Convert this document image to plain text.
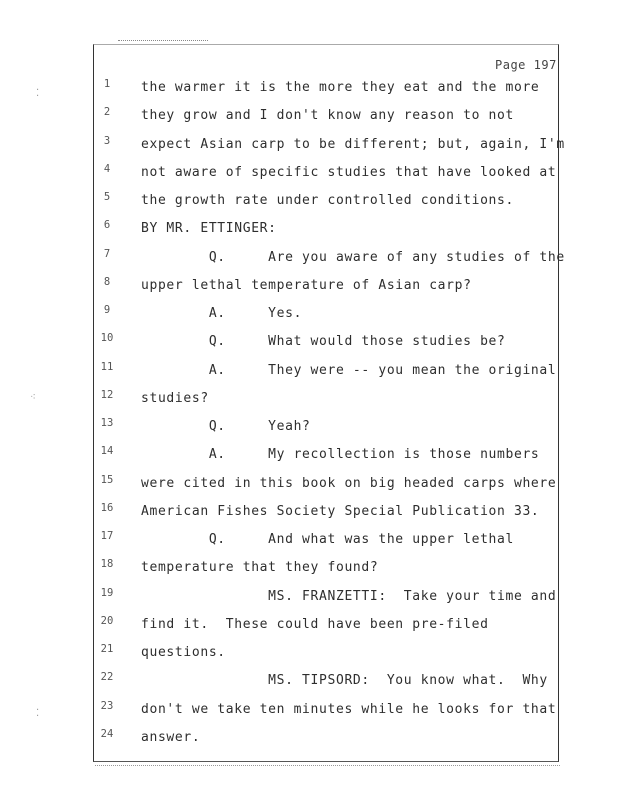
⁚
⁖
⁚
Page 197
1	the warmer it is the more they eat and the more
2	they grow and I don't know any reason to not
3	expect Asian carp to be different; but, again, I'm
4	not aware of specific studies that have looked at
5	the growth rate under controlled conditions.
6	BY MR. ETTINGER:
7	Q.     Are you aware of any studies of the
8	upper lethal temperature of Asian carp?
9	A.     Yes.
10	Q.     What would those studies be?
11	A.     They were -- you mean the original
12	studies?
13	Q.     Yeah?
14	A.     My recollection is those numbers
15	were cited in this book on big headed carps where
16	American Fishes Society Special Publication 33.
17	Q.     And what was the upper lethal
18	temperature that they found?
19	MS. FRANZETTI:  Take your time and
20	find it.  These could have been pre-filed
21	questions.
22	MS. TIPSORD:  You know what.  Why
23	don't we take ten minutes while he looks for that
24	answer.
